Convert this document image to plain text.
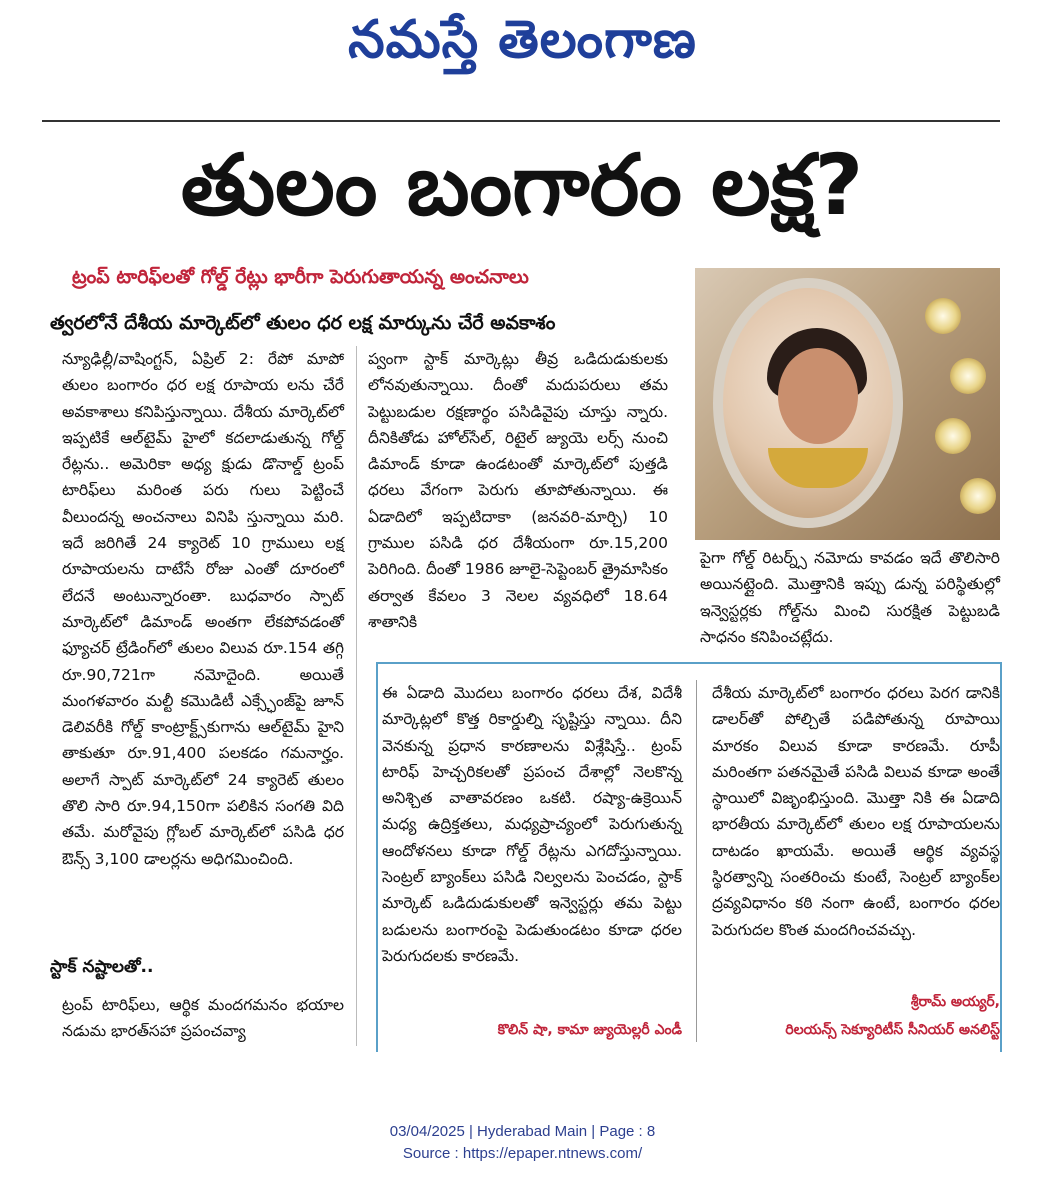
నమస్తే తెలంగాణ
తులం బంగారం లక్ష?
ట్రంప్ టారిఫ్‌లతో గోల్డ్ రేట్లు భారీగా పెరుగుతాయన్న అంచనాలు
త్వరలోనే దేశీయ మార్కెట్‌లో తులం ధర లక్ష మార్కును చేరే అవకాశం

న్యూఢిల్లీ/వాషింగ్టన్, ఏప్రిల్ 2: రేపో మాపో తులం బంగారం ధర లక్ష రూపాయ లను చేరే అవకాశాలు కనిపిస్తున్నాయి. దేశీయ మార్కెట్‌లో ఇప్పటికే ఆల్‌టైమ్ హైలో కదలాడుతున్న గోల్డ్ రేట్లను.. అమెరికా అధ్య క్షుడు డొనాల్డ్ ట్రంప్ టారిఫ్‌లు మరింత పరు గులు పెట్టించే వీలుందన్న అంచనాలు వినిపి స్తున్నాయి మరి. ఇదే జరిగితే 24 క్యారెట్ 10 గ్రాములు లక్ష రూపాయలను దాటేసే రోజు ఎంతో దూరంలో లేదనే అంటున్నారంతా. బుధవారం స్పాట్ మార్కెట్‌లో డిమాండ్ అంతగా లేకపోవడంతో ఫ్యూచర్ ట్రేడింగ్‌లో తులం విలువ రూ.154 తగ్గి రూ.90,721గా నమోదైంది. అయితే మంగళవారం మల్టీ కమొడిటీ ఎక్స్ఛేంజ్‌పై జూన్ డెలివరీకి గోల్డ్ కాంట్రాక్ట్స్‌కుగాను ఆల్‌టైమ్ హైని తాకుతూ రూ.91,400 పలకడం గమనార్హం. అలాగే స్పాట్ మార్కెట్‌లో 24 క్యారెట్ తులం తొలి సారి రూ.94,150గా పలికిన సంగతి విది తమే. మరోవైపు గ్లోబల్ మార్కెట్‌లో పసిడి ధర ఔన్స్ 3,100 డాలర్లను అధిగమించింది.

స్టాక్ నష్టాలతో..

ట్రంప్ టారిఫ్‌లు, ఆర్థిక మందగమనం భయాల నడుమ భారత్‌సహా ప్రపంచవ్యా

ప్వంగా స్టాక్ మార్కెట్లు తీవ్ర ఒడిదుడుకులకు లోనవుతున్నాయి. దీంతో మదుపరులు తమ పెట్టుబడుల రక్షణార్థం పసిడివైపు చూస్తు న్నారు. దీనికితోడు హోల్‌సేల్, రిటైల్ జ్యుయె లర్స్ నుంచి డిమాండ్ కూడా ఉండటంతో మార్కెట్‌లో పుత్తడి ధరలు వేగంగా పెరుగు తూపోతున్నాయి. ఈ ఏడాదిలో ఇప్పటిదాకా (జనవరి-మార్చి) 10 గ్రాముల పసిడి ధర దేశీయంగా రూ.15,200 పెరిగింది. దీంతో 1986 జూలై-సెప్టెంబర్ త్రైమాసికం తర్వాత కేవలం 3 నెలల వ్యవధిలో 18.64 శాతానికి

పైగా గోల్డ్ రిటర్న్స్ నమోదు కావడం ఇదే తొలిసారి అయినట్లైంది. మొత్తానికి ఇప్పు డున్న పరిస్థితుల్లో ఇన్వెస్టర్లకు గోల్డ్‌ను మించి సురక్షిత పెట్టుబడి సాధనం కనిపించట్లేదు.

ఈ ఏడాది మొదలు బంగారం ధరలు దేశ, విదేశీ మార్కెట్లలో కొత్త రికార్డుల్ని సృష్టిస్తు న్నాయి. దీని వెనకున్న ప్రధాన కారణాలను విశ్లేషిస్తే.. ట్రంప్ టారిఫ్ హెచ్చరికలతో ప్రపంచ దేశాల్లో నెలకొన్న అనిశ్చిత వాతావరణం ఒకటి. రష్యా-ఉక్రెయిన్ మధ్య ఉద్రిక్తతలు, మధ్యప్రాచ్యంలో పెరుగుతున్న ఆందోళనలు కూడా గోల్డ్ రేట్లను ఎగదోస్తున్నాయి. సెంట్రల్ బ్యాంక్‌లు పసిడి నిల్వలను పెంచడం, స్టాక్ మార్కెట్ ఒడిదుడుకులతో ఇన్వెస్టర్లు తమ పెట్టు బడులను బంగారంపై పెడుతుండటం కూడా ధరల పెరుగుదలకు కారణమే.

కొలిన్ షా, కామా జ్యుయెల్లరీ ఎండీ

దేశీయ మార్కెట్‌లో బంగారం ధరలు పెరగ డానికి డాలర్‌తో పోల్చితే పడిపోతున్న రూపాయి మారకం విలువ కూడా కారణమే. రూపీ మరింతగా పతనమైతే పసిడి విలువ కూడా అంతే స్థాయిలో విజృంభిస్తుంది. మొత్తా నికి ఈ ఏడాది భారతీయ మార్కెట్‌లో తులం లక్ష రూపాయలను దాటడం ఖాయమే. అయితే ఆర్థిక వ్యవస్థ స్థిరత్వాన్ని సంతరించు కుంటే, సెంట్రల్ బ్యాంక్‌ల ద్రవ్యవిధానం కఠి నంగా ఉంటే, బంగారం ధరల పెరుగుదల కొంత మందగించవచ్చు.

శ్రీరామ్ అయ్యర్,
రిలయన్స్ సెక్యూరిటీస్ సీనియర్ అనలిస్ట్
03/04/2025 | Hyderabad Main | Page : 8
Source : https://epaper.ntnews.com/
